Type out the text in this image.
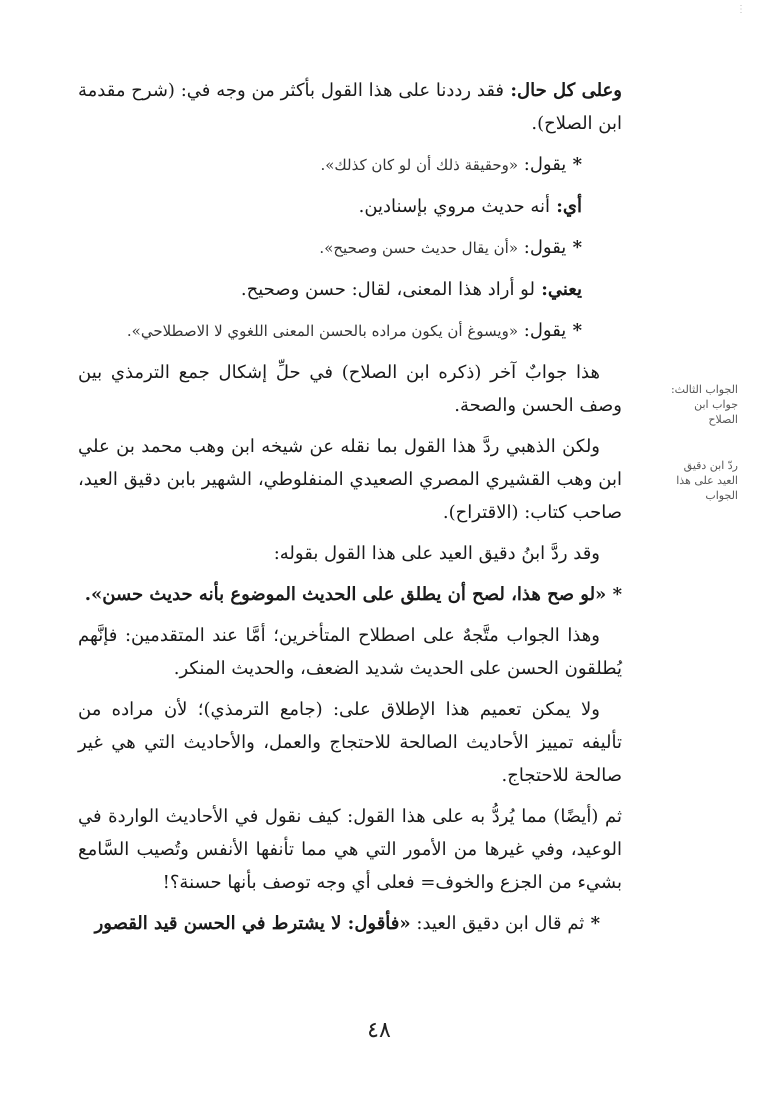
⋮

وعلى كل حال: فقد رددنا على هذا القول بأكثر من وجه في: (شرح مقدمة ابن الصلاح).

* يقول: «وحقيقة ذلك أن لو كان كذلك».

أي: أنه حديث مروي بإسنادين.

* يقول: «أن يقال حديث حسن وصحيح».

يعني: لو أراد هذا المعنى، لقال: حسن وصحيح.

* يقول: «ويسوغ أن يكون مراده بالحسن المعنى اللغوي لا الاصطلاحي».

هذا جوابٌ آخر (ذكره ابن الصلاح) في حلِّ إشكال جمع الترمذي بين وصف الحسن والصحة.

ولكن الذهبي ردَّ هذا القول بما نقله عن شيخه ابن وهب محمد بن علي ابن وهب القشيري المصري الصعيدي المنفلوطي، الشهير بابن دقيق العيد، صاحب كتاب: (الاقتراح).

وقد ردَّ ابنُ دقيق العيد على هذا القول بقوله:

* «لو صح هذا، لصح أن يطلق على الحديث الموضوع بأنه حديث حسن».

وهذا الجواب متَّجهٌ على اصطلاح المتأخرين؛ أمَّا عند المتقدمين: فإنَّهم يُطلقون الحسن على الحديث شديد الضعف، والحديث المنكر.

ولا يمكن تعميم هذا الإطلاق على: (جامع الترمذي)؛ لأن مراده من تأليفه تمييز الأحاديث الصالحة للاحتجاج والعمل، والأحاديث التي هي غير صالحة للاحتجاج.

ثم (أيضًا) مما يُردُّ به على هذا القول: كيف نقول في الأحاديث الواردة في الوعيد، وفي غيرها من الأمور التي هي مما تأنفها الأنفس وتُصيب السَّامع بشيء من الجزع والخوف= فعلى أي وجه توصف بأنها حسنة؟!

* ثم قال ابن دقيق العيد: «فأقول: لا يشترط في الحسن قيد القصور

الجواب الثالث: جواب ابن الصلاح
ردّ ابن دقيق العيد على هذا الجواب
٤٨
